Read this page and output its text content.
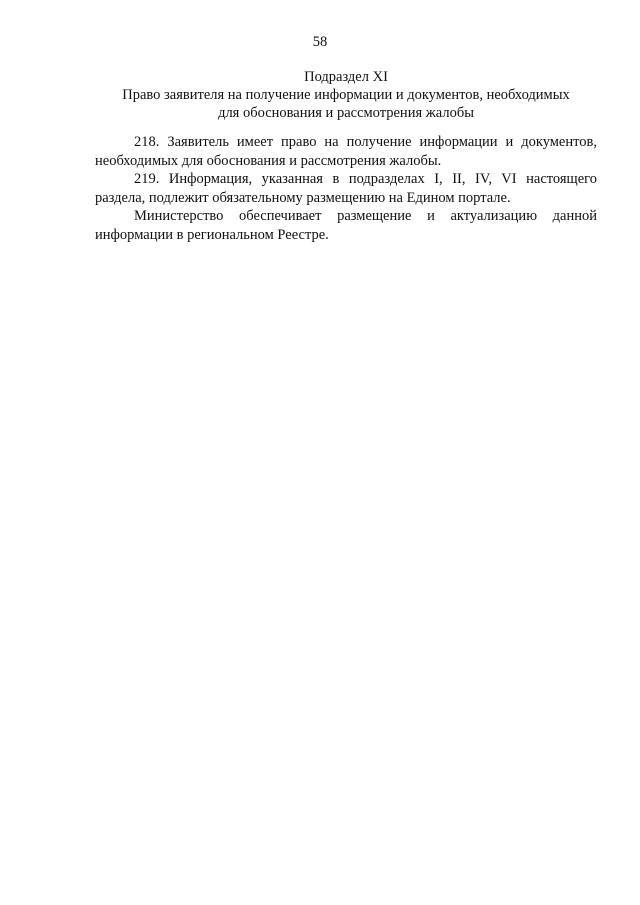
58
Подраздел XI
Право заявителя на получение информации и документов, необходимых
для обоснования и рассмотрения жалобы

218. Заявитель имеет право на получение информации и документов, необходимых для обоснования и рассмотрения жалобы.

219. Информация, указанная в подразделах I, II, IV, VI настоящего раздела, подлежит обязательному размещению на Едином портале.

Министерство обеспечивает размещение и актуализацию данной информации в региональном Реестре.
